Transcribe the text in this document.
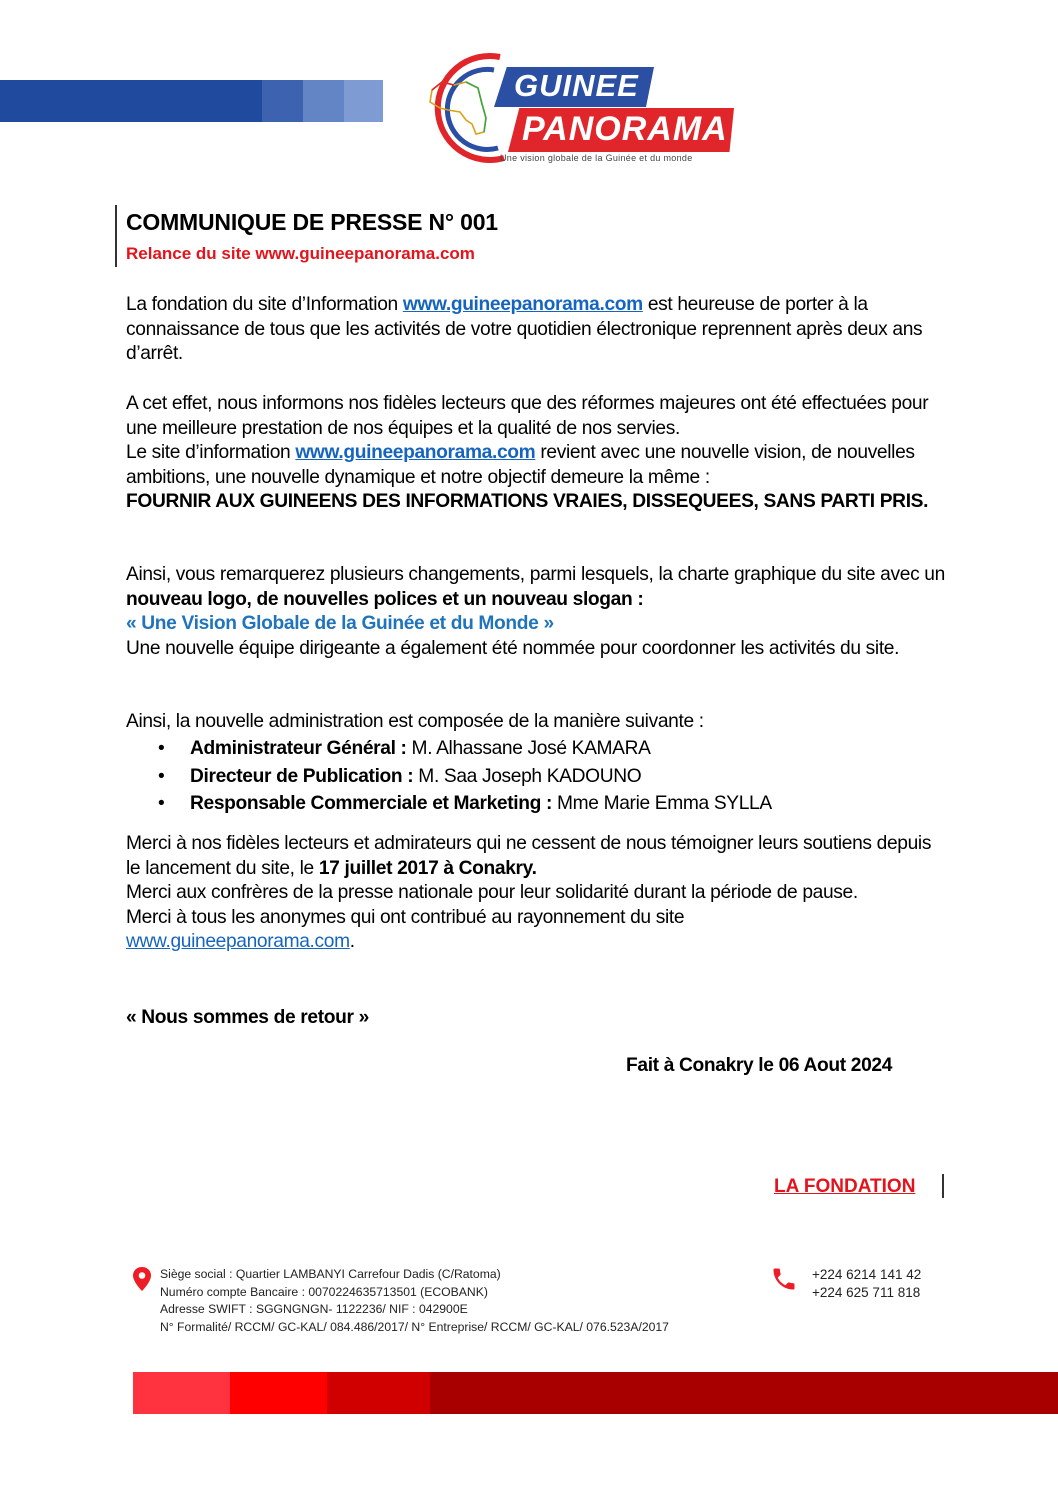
GUINEE
PANORAMA
Une vision globale de la Guinée et du monde
COMMUNIQUE DE PRESSE N° 001
Relance du site www.guineepanorama.com
La fondation du site d’Information www.guineepanorama.com est heureuse de porter à la connaissance de tous que les activités de votre quotidien électronique reprennent après deux ans d’arrêt.
A cet effet, nous informons nos fidèles lecteurs que des réformes majeures ont été effectuées pour une meilleure prestation de nos équipes et la qualité de nos servies.
Le site d’information www.guineepanorama.com revient avec une nouvelle vision, de nouvelles ambitions, une nouvelle dynamique et notre objectif demeure la même :
FOURNIR AUX GUINEENS DES INFORMATIONS VRAIES, DISSEQUEES, SANS PARTI PRIS.
Ainsi, vous remarquerez plusieurs changements, parmi lesquels, la charte graphique du site avec un nouveau logo, de nouvelles polices et un nouveau slogan :
« Une Vision Globale de la Guinée et du Monde »
Une nouvelle équipe dirigeante a également été nommée pour coordonner les activités du site.
Ainsi, la nouvelle administration est composée de la manière suivante :
• Administrateur Général : M. Alhassane José KAMARA
• Directeur de Publication : M. Saa Joseph KADOUNO
• Responsable Commerciale et Marketing : Mme Marie Emma SYLLA
Merci à nos fidèles lecteurs et admirateurs qui ne cessent de nous témoigner leurs soutiens depuis le lancement du site, le 17 juillet 2017 à Conakry.
Merci aux confrères de la presse nationale pour leur solidarité durant la période de pause.
Merci à tous les anonymes qui ont contribué au rayonnement du site
www.guineepanorama.com.
« Nous sommes de retour »
Fait à Conakry le 06 Aout 2024
LA FONDATION
Siège social : Quartier LAMBANYI Carrefour Dadis (C/Ratoma)
Numéro compte Bancaire : 0070224635713501 (ECOBANK)
Adresse SWIFT : SGGNGNGN- 1122236/ NIF : 042900E
N° Formalité/ RCCM/ GC-KAL/ 084.486/2017/ N° Entreprise/ RCCM/ GC-KAL/ 076.523A/2017
+224 6214 141 42
+224 625 711 818
